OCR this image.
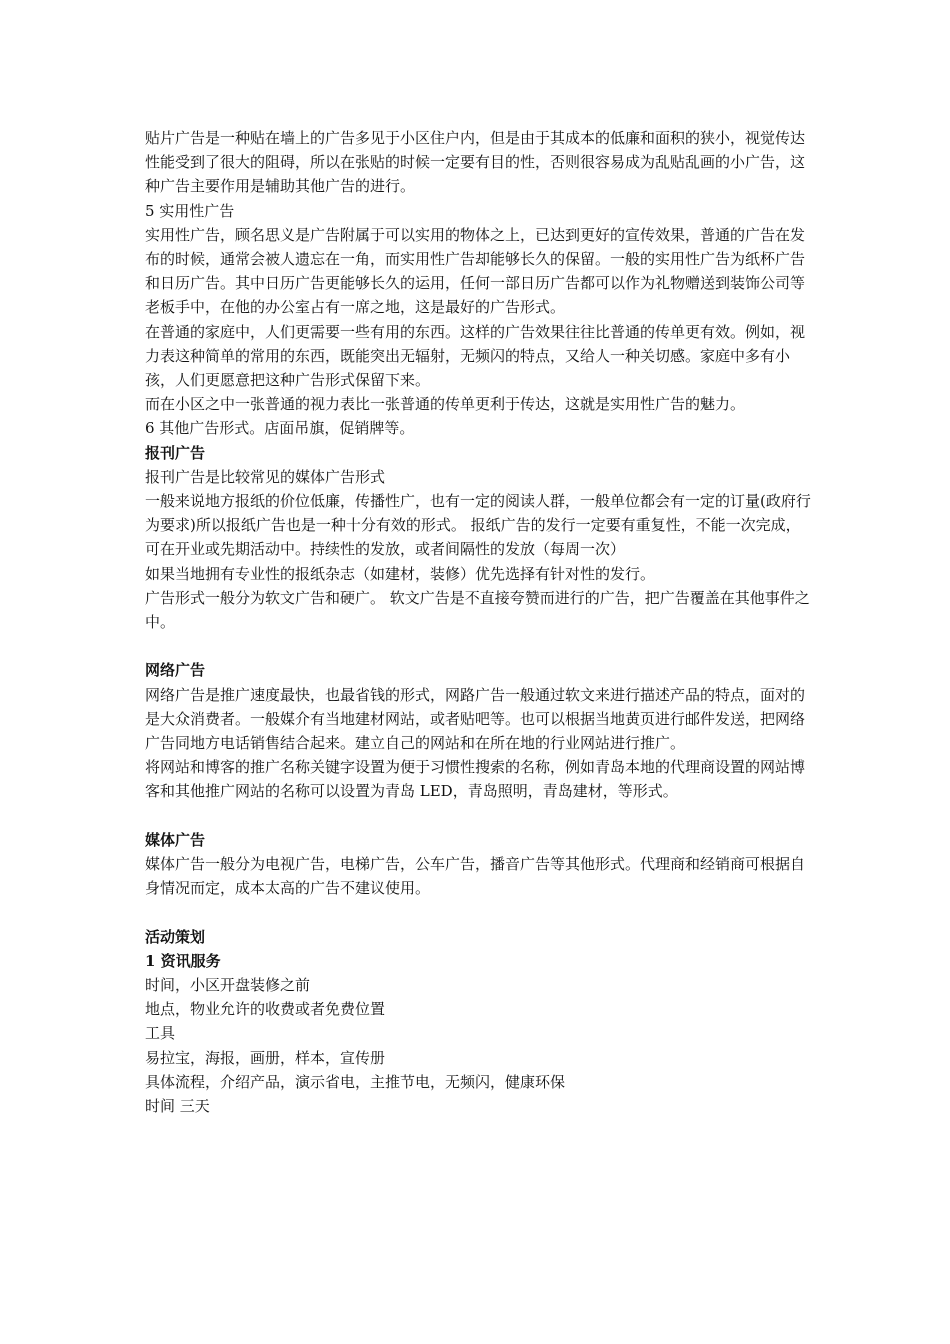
贴片广告是一种贴在墙上的广告多见于小区住户内，但是由于其成本的低廉和面积的狭小，视觉传达性能受到了很大的阻碍，所以在张贴的时候一定要有目的性，否则很容易成为乱贴乱画的小广告，这种广告主要作用是辅助其他广告的进行。

5 实用性广告

实用性广告，顾名思义是广告附属于可以实用的物体之上，已达到更好的宣传效果，普通的广告在发布的时候，通常会被人遗忘在一角，而实用性广告却能够长久的保留。一般的实用性广告为纸杯广告和日历广告。其中日历广告更能够长久的运用，任何一部日历广告都可以作为礼物赠送到装饰公司等老板手中，在他的办公室占有一席之地，这是最好的广告形式。

在普通的家庭中，人们更需要一些有用的东西。这样的广告效果往往比普通的传单更有效。例如，视力表这种简单的常用的东西，既能突出无辐射，无频闪的特点，又给人一种关切感。家庭中多有小孩，人们更愿意把这种广告形式保留下来。

而在小区之中一张普通的视力表比一张普通的传单更利于传达，这就是实用性广告的魅力。

6 其他广告形式。店面吊旗，促销牌等。

报刊广告

报刊广告是比较常见的媒体广告形式

一般来说地方报纸的价位低廉，传播性广，也有一定的阅读人群，一般单位都会有一定的订量(政府行为要求)所以报纸广告也是一种十分有效的形式。 报纸广告的发行一定要有重复性，不能一次完成，可在开业或先期活动中。持续性的发放，或者间隔性的发放（每周一次）

如果当地拥有专业性的报纸杂志（如建材，装修）优先选择有针对性的发行。

广告形式一般分为软文广告和硬广。 软文广告是不直接夸赞而进行的广告，把广告覆盖在其他事件之中。

网络广告

网络广告是推广速度最快，也最省钱的形式，网路广告一般通过软文来进行描述产品的特点，面对的是大众消费者。一般媒介有当地建材网站，或者贴吧等。也可以根据当地黄页进行邮件发送，把网络广告同地方电话销售结合起来。建立自己的网站和在所在地的行业网站进行推广。

将网站和博客的推广名称关键字设置为便于习惯性搜索的名称，例如青岛本地的代理商设置的网站博客和其他推广网站的名称可以设置为青岛 LED，青岛照明，青岛建材，等形式。

媒体广告

媒体广告一般分为电视广告，电梯广告，公车广告，播音广告等其他形式。代理商和经销商可根据自身情况而定，成本太高的广告不建议使用。

活动策划

1 资讯服务

时间，小区开盘装修之前

地点，物业允许的收费或者免费位置

工具

易拉宝，海报，画册，样本，宣传册

具体流程，介绍产品，演示省电，主推节电，无频闪，健康环保

时间 三天
